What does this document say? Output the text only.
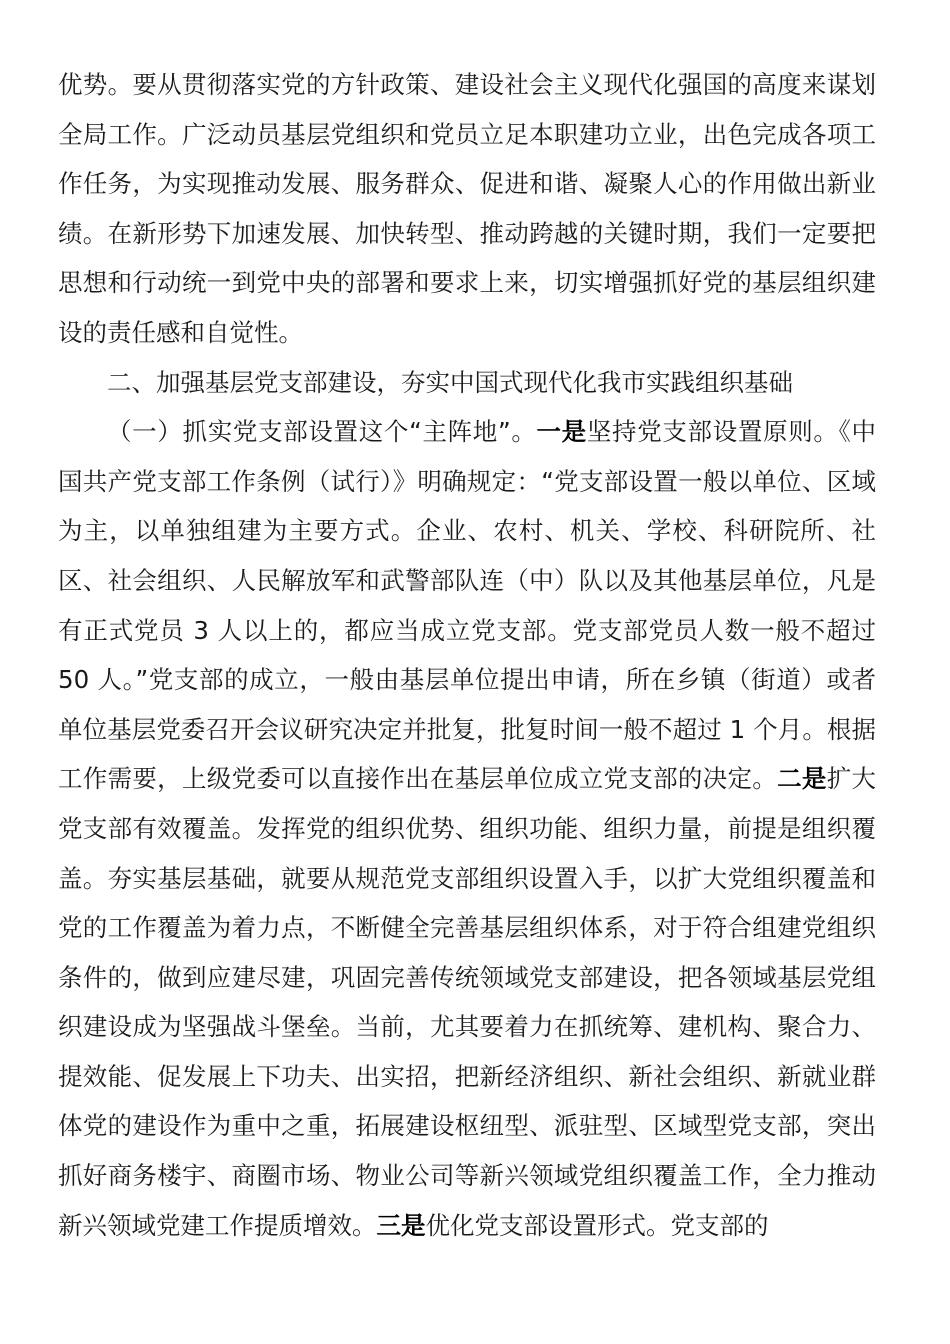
优势。要从贯彻落实党的方针政策、建设社会主义现代化强国的高度来谋划全局工作。广泛动员基层党组织和党员立足本职建功立业，出色完成各项工作任务，为实现推动发展、服务群众、促进和谐、凝聚人心的作用做出新业绩。在新形势下加速发展、加快转型、推动跨越的关键时期，我们一定要把思想和行动统一到党中央的部署和要求上来，切实增强抓好党的基层组织建设的责任感和自觉性。

二、加强基层党支部建设，夯实中国式现代化我市实践组织基础

（一）抓实党支部设置这个“主阵地”。一是坚持党支部设置原则。《中国共产党支部工作条例（试行）》明确规定：“党支部设置一般以单位、区域为主，以单独组建为主要方式。企业、农村、机关、学校、科研院所、社区、社会组织、人民解放军和武警部队连（中）队以及其他基层单位，凡是有正式党员 3 人以上的，都应当成立党支部。党支部党员人数一般不超过 50 人。”党支部的成立，一般由基层单位提出申请，所在乡镇（街道）或者单位基层党委召开会议研究决定并批复，批复时间一般不超过 1 个月。根据工作需要，上级党委可以直接作出在基层单位成立党支部的决定。二是扩大党支部有效覆盖。发挥党的组织优势、组织功能、组织力量，前提是组织覆盖。夯实基层基础，就要从规范党支部组织设置入手，以扩大党组织覆盖和党的工作覆盖为着力点，不断健全完善基层组织体系，对于符合组建党组织条件的，做到应建尽建，巩固完善传统领域党支部建设，把各领域基层党组织建设成为坚强战斗堡垒。当前，尤其要着力在抓统筹、建机构、聚合力、提效能、促发展上下功夫、出实招，把新经济组织、新社会组织、新就业群体党的建设作为重中之重，拓展建设枢纽型、派驻型、区域型党支部，突出抓好商务楼宇、商圈市场、物业公司等新兴领域党组织覆盖工作，全力推动新兴领域党建工作提质增效。三是优化党支部设置形式。党支部的
